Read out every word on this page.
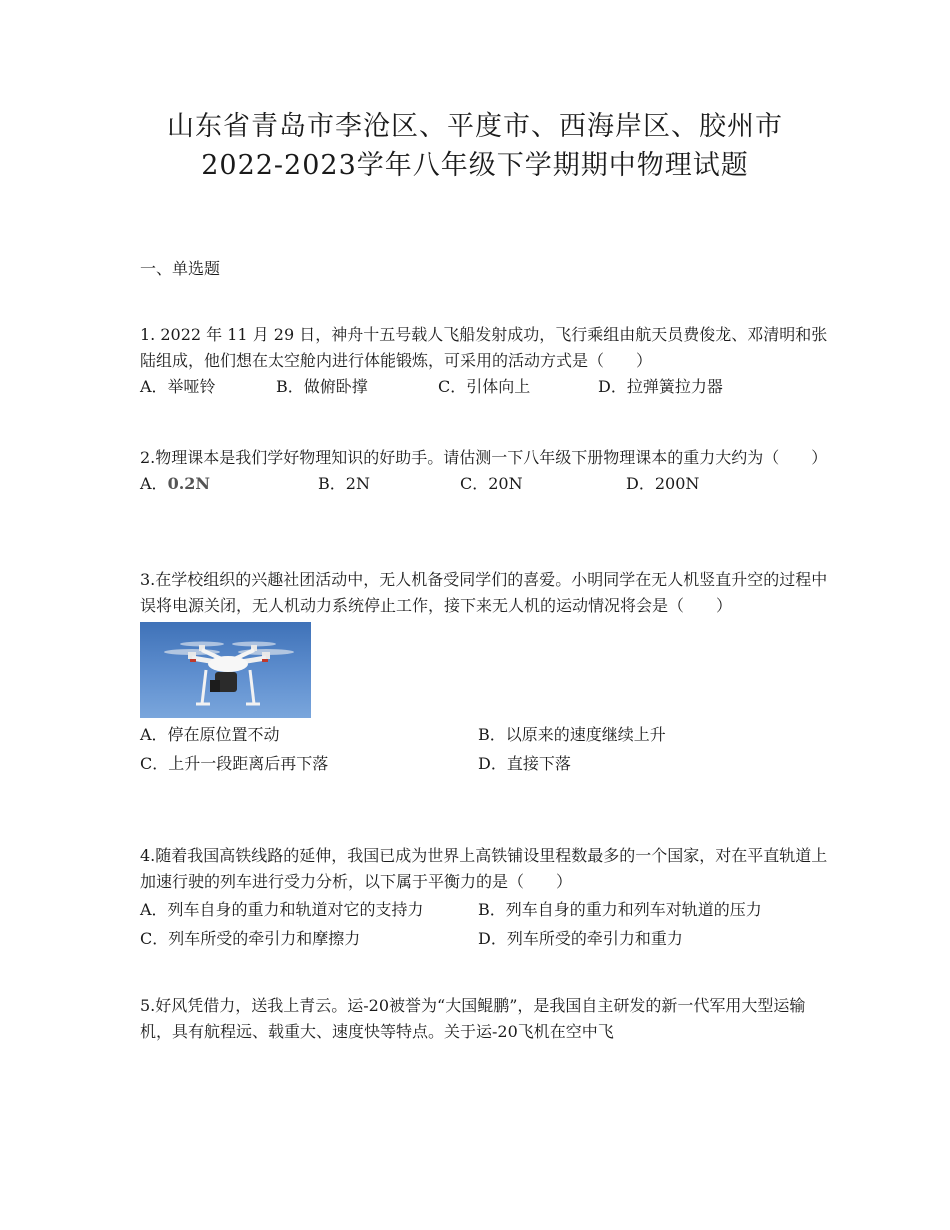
山东省青岛市李沧区、平度市、西海岸区、胶州市
2022-2023学年八年级下学期期中物理试题
一、单选题
1. 2022 年 11 月 29 日，神舟十五号载人飞船发射成功，飞行乘组由航天员费俊龙、邓清明和张陆组成，他们想在太空舱内进行体能锻炼，可采用的活动方式是（　　）
A．举哑铃	B．做俯卧撑	C．引体向上	D．拉弹簧拉力器
2.物理课本是我们学好物理知识的好助手。请估测一下八年级下册物理课本的重力大约为（　　）
A．0.2N	B．2N	C．20N	D．200N
3.在学校组织的兴趣社团活动中，无人机备受同学们的喜爱。小明同学在无人机竖直升空的过程中误将电源关闭，无人机动力系统停止工作，接下来无人机的运动情况将会是（　　）
A．停在原位置不动	B．以原来的速度继续上升
C．上升一段距离后再下落	D．直接下落
4.随着我国高铁线路的延伸，我国已成为世界上高铁铺设里程数最多的一个国家，对在平直轨道上加速行驶的列车进行受力分析，以下属于平衡力的是（　　）
A．列车自身的重力和轨道对它的支持力	B．列车自身的重力和列车对轨道的压力
C．列车所受的牵引力和摩擦力	D．列车所受的牵引力和重力
5.好风凭借力，送我上青云。运-20被誉为“大国鲲鹏”，是我国自主研发的新一代军用大型运输机，具有航程远、载重大、速度快等特点。关于运-20飞机在空中飞
